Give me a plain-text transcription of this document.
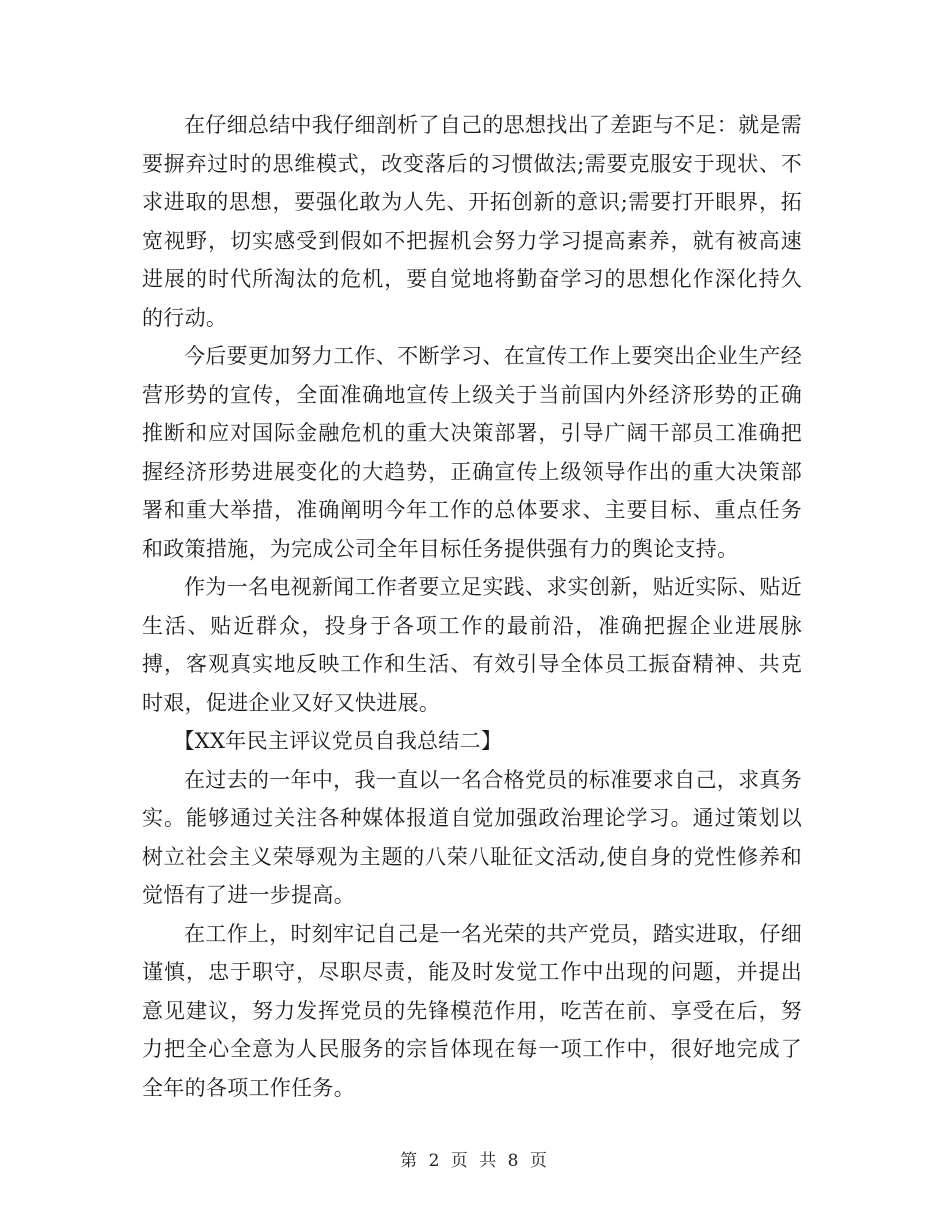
在仔细总结中我仔细剖析了自己的思想找出了差距与不足：就是需要摒弃过时的思维模式，改变落后的习惯做法;需要克服安于现状、不求进取的思想，要强化敢为人先、开拓创新的意识;需要打开眼界，拓宽视野，切实感受到假如不把握机会努力学习提高素养，就有被高速进展的时代所淘汰的危机，要自觉地将勤奋学习的思想化作深化持久的行动。

今后要更加努力工作、不断学习、在宣传工作上要突出企业生产经营形势的宣传，全面准确地宣传上级关于当前国内外经济形势的正确推断和应对国际金融危机的重大决策部署，引导广阔干部员工准确把握经济形势进展变化的大趋势，正确宣传上级领导作出的重大决策部署和重大举措，准确阐明今年工作的总体要求、主要目标、重点任务和政策措施，为完成公司全年目标任务提供强有力的舆论支持。

作为一名电视新闻工作者要立足实践、求实创新，贴近实际、贴近生活、贴近群众，投身于各项工作的最前沿，准确把握企业进展脉搏，客观真实地反映工作和生活、有效引导全体员工振奋精神、共克时艰，促进企业又好又快进展。

【XX年民主评议党员自我总结二】

在过去的一年中，我一直以一名合格党员的标准要求自己，求真务实。能够通过关注各种媒体报道自觉加强政治理论学习。通过策划以树立社会主义荣辱观为主题的八荣八耻征文活动,使自身的党性修养和觉悟有了进一步提高。

在工作上，时刻牢记自己是一名光荣的共产党员，踏实进取，仔细谨慎，忠于职守，尽职尽责，能及时发觉工作中出现的问题，并提出意见建议，努力发挥党员的先锋模范作用，吃苦在前、享受在后，努力把全心全意为人民服务的宗旨体现在每一项工作中，很好地完成了全年的各项工作任务。

第 2 页 共 8 页
